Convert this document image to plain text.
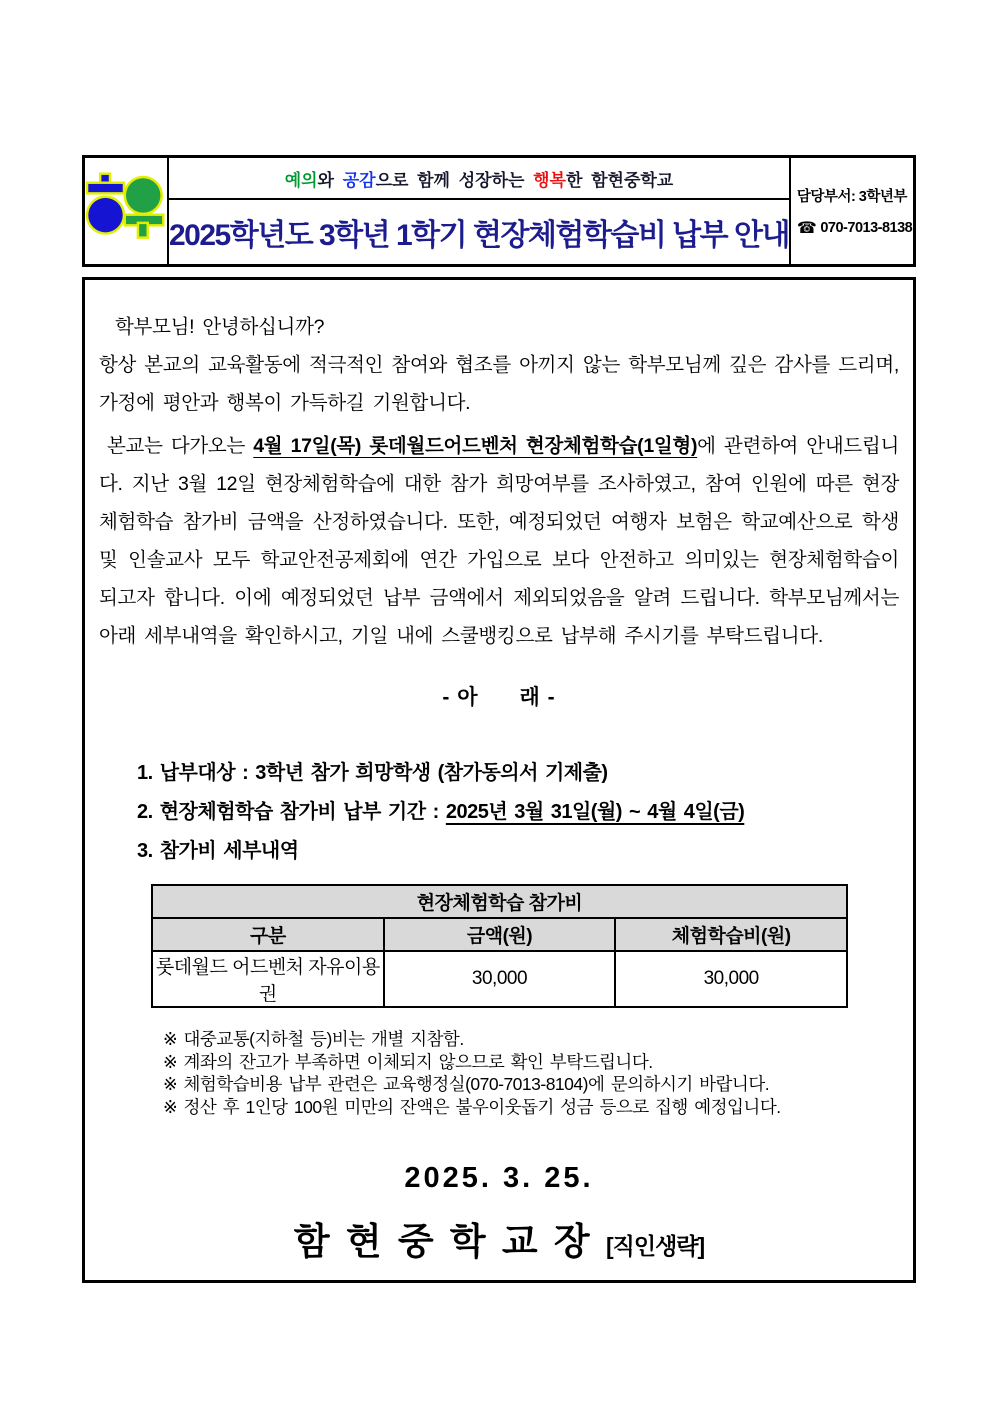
예의 와 공감 으로 함께 성장하는 행복 한 함현중학교
2025학년도 3학년 1학기 현장체험학습비 납부 안내
담당부서: 3학년부
☎ 070-7013-8138

학부모님! 안녕하십니까?

항상 본교의 교육활동에 적극적인 참여와 협조를 아끼지 않는 학부모님께 깊은 감사를 드리며, 가정에 평안과 행복이 가득하길 기원합니다.

본교는 다가오는 4월 17일(목) 롯데월드어드벤처 현장체험학습(1일형)에 관련하여 안내드립니다. 지난 3월 12일 현장체험학습에 대한 참가 희망여부를 조사하였고, 참여 인원에 따른 현장체험학습 참가비 금액을 산정하였습니다. 또한, 예정되었던 여행자 보험은 학교예산으로 학생 및 인솔교사 모두 학교안전공제회에 연간 가입으로 보다 안전하고 의미있는 현장체험학습이 되고자 합니다. 이에 예정되었던 납부 금액에서 제외되었음을 알려 드립니다. 학부모님께서는 아래 세부내역을 확인하시고, 기일 내에 스쿨뱅킹으로 납부해 주시기를 부탁드립니다.

- 아      래 -
1. 납부대상 : 3학년 참가 희망학생 (참가동의서 기제출)
2. 현장체험학습 참가비 납부 기간 : 2025년 3월 31일(월) ~ 4월 4일(금)
3. 참가비 세부내역
현장체험학습 참가비		
구분	금액(원)	체험학습비(원)
롯데월드 어드벤처 자유이용권	30,000	30,000
※ 대중교통(지하철 등)비는 개별 지참함.
※ 계좌의 잔고가 부족하면 이체되지 않으므로 확인 부탁드립니다.
※ 체험학습비용 납부 관련은 교육행정실(070-7013-8104)에 문의하시기 바랍니다.
※ 정산 후 1인당 100원 미만의 잔액은 불우이웃돕기 성금 등으로 집행 예정입니다.
2025. 3. 25.
함 현 중 학 교 장 [직인생략]
